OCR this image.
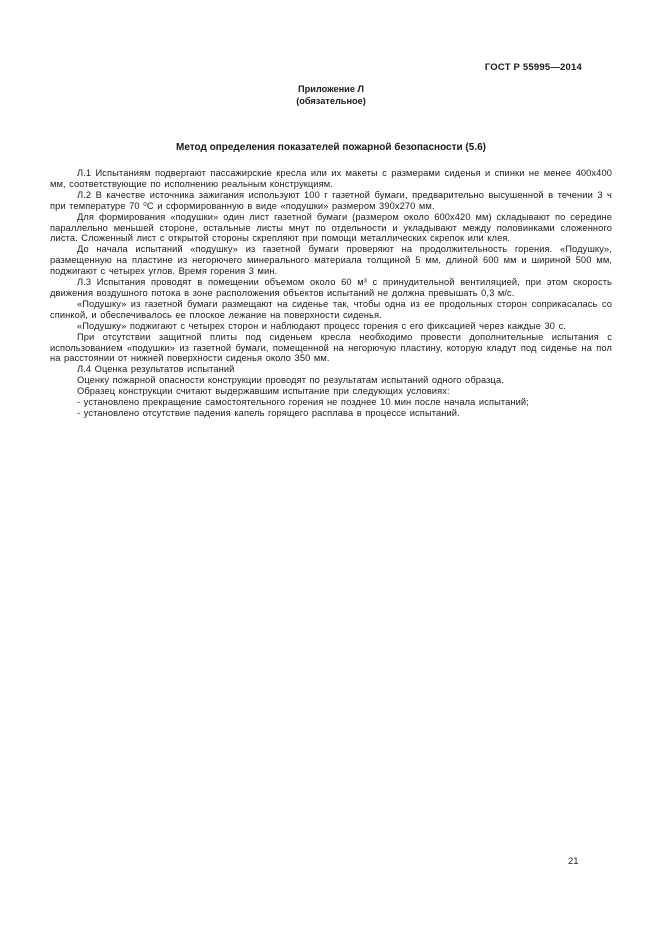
ГОСТ Р 55995—2014
Приложение Л
(обязательное)
Метод определения показателей пожарной безопасности (5.6)

Л.1 Испытаниям подвергают пассажирские кресла или их макеты с размерами сиденья и спинки не менее 400х400 мм, соответствующие по исполнению реальным конструкциям.

Л.2 В качестве источника зажигания используют 100 г газетной бумаги, предварительно высушенной в течении 3 ч при температуре 70 ⁰С и сформированную в виде «подушки» размером 390х270 мм.

Для формирования «подушки» один лист газетной бумаги (размером около 600х420 мм) складывают по середине параллельно меньшей стороне, остальные листы мнут по отдельности и укладывают между половинками сложенного листа. Сложенный лист с открытой стороны скрепляют при помощи металлических скрепок или клея.

До начала испытаний «подушку» из газетной бумаги проверяют на продолжительность горения. «Подушку», размещенную на пластине из негорючего минерального материала толщиной 5 мм, длиной 600 мм и шириной 500 мм, поджигают с четырех углов. Время горения 3 мин.

Л.3 Испытания проводят в помещении объемом около 60 м³ с принудительной вентиляцией, при этом скорость движения воздушного потока в зоне расположения объектов испытаний не должна превышать 0,3 м/с.

«Подушку» из газетной бумаги размещают на сиденье так, чтобы одна из ее продольных сторон соприкасалась со спинкой, и обеспечивалось ее плоское лежание на поверхности сиденья.

«Подушку» поджигают с четырех сторон и наблюдают процесс горения с его фиксацией через каждые 30 с.

При отсутствии защитной плиты под сиденьем кресла необходимо провести дополнительные испытания с использованием «подушки» из газетной бумаги, помещенной на негорючую пластину, которую кладут под сиденье на пол на расстоянии от нижней поверхности сиденья около 350 мм.

Л.4 Оценка результатов испытаний

Оценку пожарной опасности конструкции проводят по результатам испытаний одного образца.

Образец конструкции считают выдержавшим испытание при следующих условиях:

- установлено прекращение самостоятельного горения не позднее 10 мин после начала испытаний;

- установлено отсутствие падения капель горящего расплава в процессе испытаний.

21
